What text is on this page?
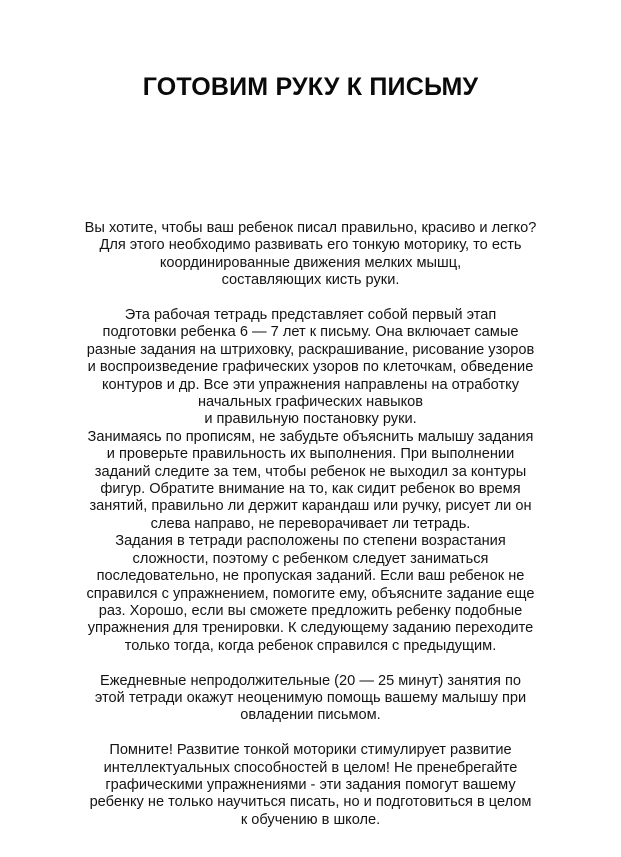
ГОТОВИМ РУКУ К ПИСЬМУ

Вы хотите, чтобы ваш ребенок писал правильно, красиво и легко?
Для этого необходимо развивать его тонкую моторику, то есть
координированные движения мелких мышц,
составляющих кисть руки.

Эта рабочая тетрадь представляет собой первый этап
подготовки ребенка 6 — 7 лет к письму. Она включает самые
разные задания на штриховку, раскрашивание, рисование узоров
и воспроизведение графических узоров по клеточкам, обведение
контуров и др. Все эти упражнения направлены на отработку
начальных графических навыков
и правильную постановку руки.
Занимаясь по прописям, не забудьте объяснить малышу задания
и проверьте правильность их выполнения. При выполнении
заданий следите за тем, чтобы ребенок не выходил за контуры
фигур. Обратите внимание на то, как сидит ребенок во время
занятий, правильно ли держит карандаш или ручку, рисует ли он
слева направо, не переворачивает ли тетрадь.
Задания в тетради расположены по степени возрастания
сложности, поэтому с ребенком следует заниматься
последовательно, не пропуская заданий. Если ваш ребенок не
справился с упражнением, помогите ему, объясните задание еще
раз. Хорошо, если вы сможете предложить ребенку подобные
упражнения для тренировки. К следующему заданию переходите
только тогда, когда ребенок справился с предыдущим.

Ежедневные непродолжительные (20 — 25 минут) занятия по
этой тетради окажут неоценимую помощь вашему малышу при
овладении письмом.

Помните! Развитие тонкой моторики стимулирует развитие
интеллектуальных способностей в целом! Не пренебрегайте
графическими упражнениями - эти задания помогут вашему
ребенку не только научиться писать, но и подготовиться в целом
к обучению в школе.
